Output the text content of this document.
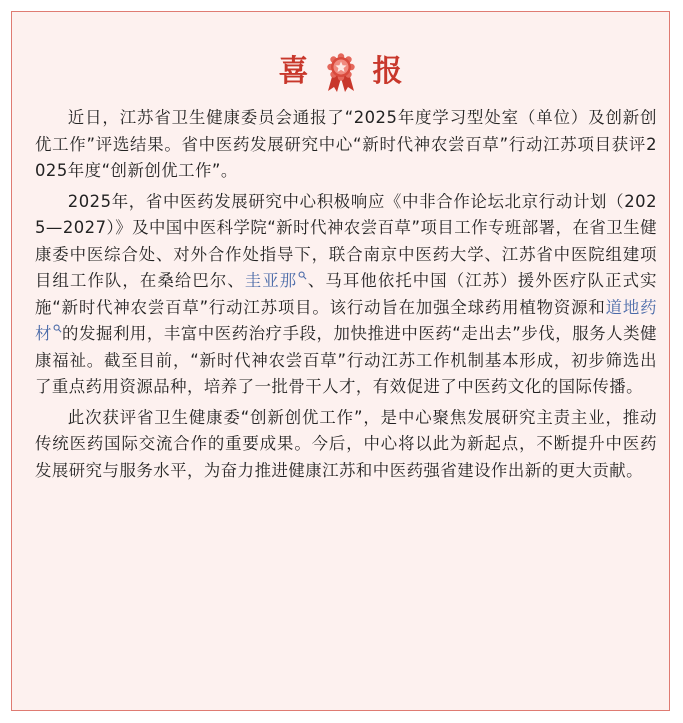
喜 报

近日，江苏省卫生健康委员会通报了“2025年度学习型处室（单位）及创新创优工作”评选结果。省中医药发展研究中心“新时代神农尝百草”行动江苏项目获评2025年度“创新创优工作”。

2025年，省中医药发展研究中心积极响应《中非合作论坛北京行动计划（2025—2027）》及中国中医科学院“新时代神农尝百草”项目工作专班部署，在省卫生健康委中医综合处、对外合作处指导下，联合南京中医药大学、江苏省中医院组建项目组工作队，在桑给巴尔、圭亚那 、马耳他依托中国（江苏）援外医疗队正式实施“新时代神农尝百草”行动江苏项目。该行动旨在加强全球药用植物资源和道地药材 的发掘利用，丰富中医药治疗手段，加快推进中医药“走出去”步伐，服务人类健康福祉。截至目前，“新时代神农尝百草”行动江苏工作机制基本形成，初步筛选出了重点药用资源品种，培养了一批骨干人才，有效促进了中医药文化的国际传播。

此次获评省卫生健康委“创新创优工作”，是中心聚焦发展研究主责主业，推动传统医药国际交流合作的重要成果。今后，中心将以此为新起点，不断提升中医药发展研究与服务水平，为奋力推进健康江苏和中医药强省建设作出新的更大贡献。
